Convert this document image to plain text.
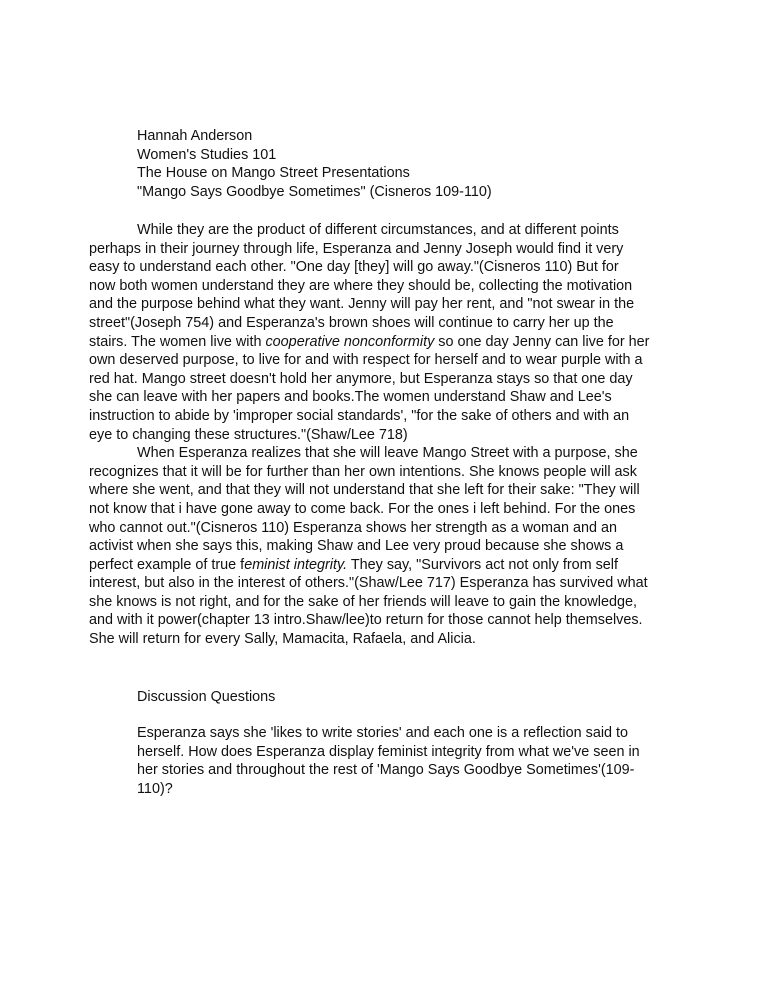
Hannah Anderson
Women's Studies 101
The House on Mango Street Presentations
"Mango Says Goodbye Sometimes" (Cisneros 109-110)
While they are the product of different circumstances, and at different points
perhaps in their journey through life, Esperanza and Jenny Joseph would find it very
easy to understand each other. "One day [they] will go away."(Cisneros 110) But for
now both women understand they are where they should be, collecting the motivation
and the purpose behind what they want. Jenny will pay her rent, and "not swear in the
street"(Joseph 754) and Esperanza's brown shoes will continue to carry her up the
stairs. The women live with cooperative nonconformity so one day Jenny can live for her
own deserved purpose, to live for and with respect for herself and to wear purple with a
red hat. Mango street doesn't hold her anymore, but Esperanza stays so that one day
she can leave with her papers and books.The women understand Shaw and Lee's
instruction to abide by 'improper social standards', "for the sake of others and with an
eye to changing these structures."(Shaw/Lee 718)
When Esperanza realizes that she will leave Mango Street with a purpose, she
recognizes that it will be for further than her own intentions. She knows people will ask
where she went, and that they will not understand that she left for their sake: "They will
not know that i have gone away to come back. For the ones i left behind. For the ones
who cannot out."(Cisneros 110) Esperanza shows her strength as a woman and an
activist when she says this, making Shaw and Lee very proud because she shows a
perfect example of true feminist integrity. They say, "Survivors act not only from self
interest, but also in the interest of others."(Shaw/Lee 717) Esperanza has survived what
she knows is not right, and for the sake of her friends will leave to gain the knowledge,
and with it power(chapter 13 intro.Shaw/lee)to return for those cannot help themselves.
She will return for every Sally, Mamacita, Rafaela, and Alicia.
Discussion Questions
Esperanza says she 'likes to write stories' and each one is a reflection said to
herself. How does Esperanza display feminist integrity from what we've seen in
her stories and throughout the rest of 'Mango Says Goodbye Sometimes'(109-
110)?
